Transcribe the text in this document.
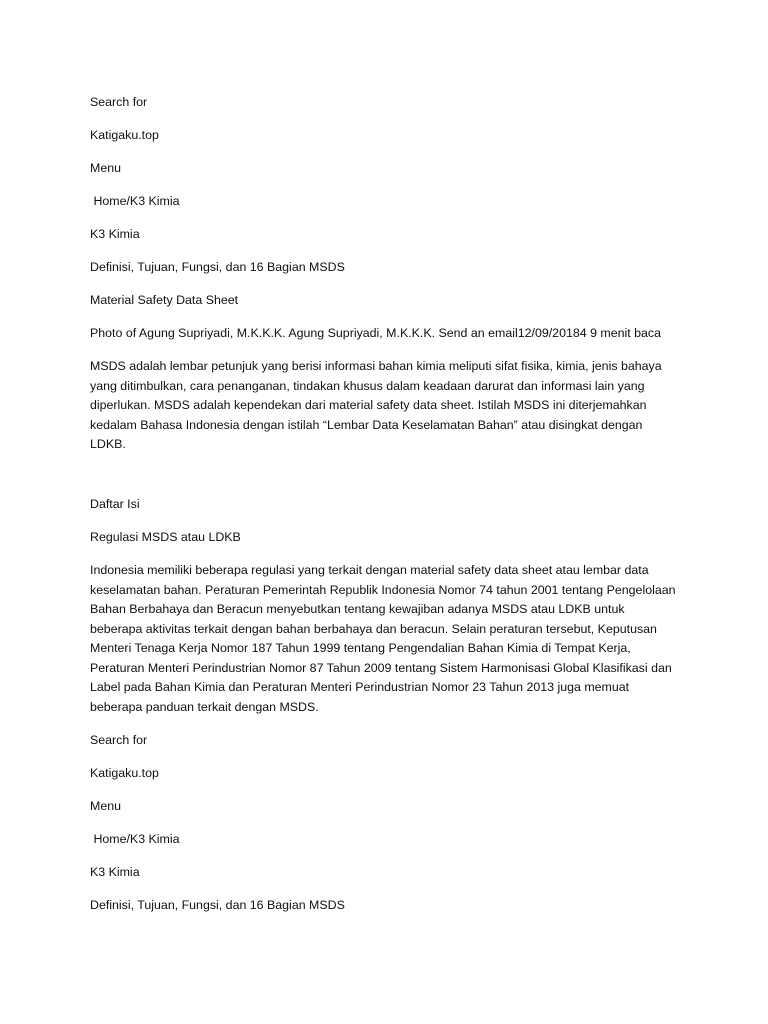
Search for
Katigaku.top
Menu
Home/K3 Kimia
K3 Kimia
Definisi, Tujuan, Fungsi, dan 16 Bagian MSDS
Material Safety Data Sheet
Photo of Agung Supriyadi, M.K.K.K. Agung Supriyadi, M.K.K.K. Send an email12/09/20184 9 menit baca
MSDS adalah lembar petunjuk yang berisi informasi bahan kimia meliputi sifat fisika, kimia, jenis bahaya yang ditimbulkan, cara penanganan, tindakan khusus dalam keadaan darurat dan informasi lain yang diperlukan. MSDS adalah kependekan dari material safety data sheet. Istilah MSDS ini diterjemahkan kedalam Bahasa Indonesia dengan istilah “Lembar Data Keselamatan Bahan” atau disingkat dengan LDKB.
Daftar Isi
Regulasi MSDS atau LDKB
Indonesia memiliki beberapa regulasi yang terkait dengan material safety data sheet atau lembar data keselamatan bahan. Peraturan Pemerintah Republik Indonesia Nomor 74 tahun 2001 tentang Pengelolaan Bahan Berbahaya dan Beracun menyebutkan tentang kewajiban adanya MSDS atau LDKB untuk beberapa aktivitas terkait dengan bahan berbahaya dan beracun. Selain peraturan tersebut, Keputusan Menteri Tenaga Kerja Nomor 187 Tahun 1999 tentang Pengendalian Bahan Kimia di Tempat Kerja, Peraturan Menteri Perindustrian Nomor 87 Tahun 2009 tentang Sistem Harmonisasi Global Klasifikasi dan Label pada Bahan Kimia dan Peraturan Menteri Perindustrian Nomor 23 Tahun 2013 juga memuat beberapa panduan terkait dengan MSDS.
Search for
Katigaku.top
Menu
Home/K3 Kimia
K3 Kimia
Definisi, Tujuan, Fungsi, dan 16 Bagian MSDS
